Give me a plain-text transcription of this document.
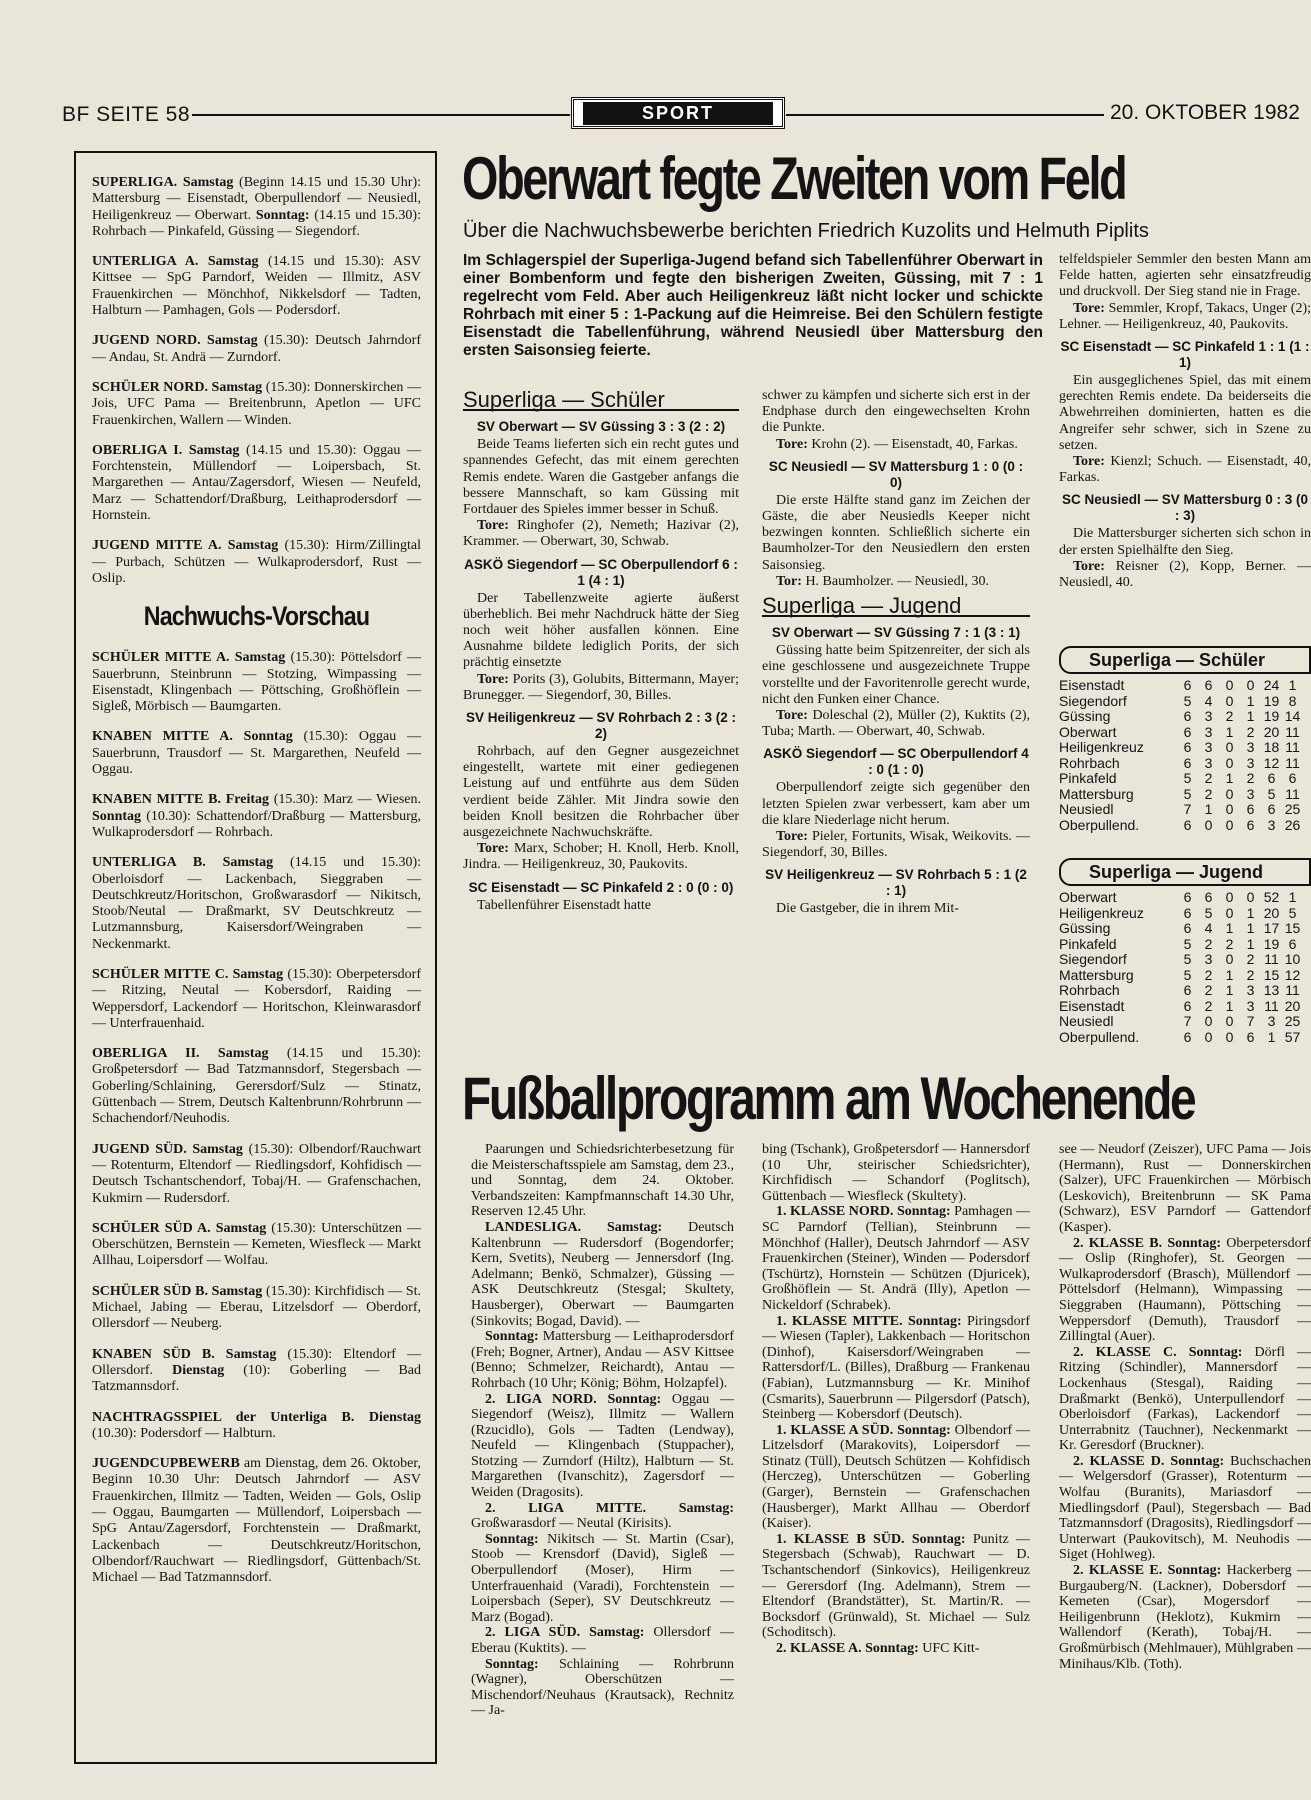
BF SEITE 58	SPORT	20. OKTOBER 1982

SUPERLIGA. Samstag (Beginn 14.15 und 15.30 Uhr): Mattersburg — Eisenstadt, Oberpullendorf — Neusiedl, Heiligenkreuz — Oberwart. Sonntag: (14.15 und 15.30): Rohrbach — Pinkafeld, Güssing — Siegendorf.

UNTERLIGA A. Samstag (14.15 und 15.30): ASV Kittsee — SpG Parndorf, Weiden — Illmitz, ASV Frauenkirchen — Mönchhof, Nikkelsdorf — Tadten, Halbturn — Pamhagen, Gols — Podersdorf.

JUGEND NORD. Samstag (15.30): Deutsch Jahrndorf — Andau, St. Andrä — Zurndorf.

SCHÜLER NORD. Samstag (15.30): Donnerskirchen — Jois, UFC Pama — Breitenbrunn, Apetlon — UFC Frauenkirchen, Wallern — Winden.

OBERLIGA I. Samstag (14.15 und 15.30): Oggau — Forchtenstein, Müllendorf — Loipersbach, St. Margarethen — Antau/Zagersdorf, Wiesen — Neufeld, Marz — Schattendorf/Draßburg, Leithaprodersdorf — Hornstein.

JUGEND MITTE A. Samstag (15.30): Hirm/Zillingtal — Purbach, Schützen — Wulkaprodersdorf, Rust — Oslip.

Nachwuchs-Vorschau

SCHÜLER MITTE A. Samstag (15.30): Pöttelsdorf — Sauerbrunn, Steinbrunn — Stotzing, Wimpassing — Eisenstadt, Klingenbach — Pöttsching, Großhöflein — Sigleß, Mörbisch — Baumgarten.

KNABEN MITTE A. Sonntag (15.30): Oggau — Sauerbrunn, Trausdorf — St. Margarethen, Neufeld — Oggau.

KNABEN MITTE B. Freitag (15.30): Marz — Wiesen. Sonntag (10.30): Schattendorf/Draßburg — Mattersburg, Wulkaprodersdorf — Rohrbach.

UNTERLIGA B. Samstag (14.15 und 15.30): Oberloisdorf — Lackenbach, Sieggraben — Deutschkreutz/Horitschon, Großwarasdorf — Nikitsch, Stoob/Neutal — Draßmarkt, SV Deutschkreutz — Lutzmannsburg, Kaisersdorf/Weingraben — Neckenmarkt.

SCHÜLER MITTE C. Samstag (15.30): Oberpetersdorf — Ritzing, Neutal — Kobersdorf, Raiding — Weppersdorf, Lackendorf — Horitschon, Kleinwarasdorf — Unterfrauenhaid.

OBERLIGA II. Samstag (14.15 und 15.30): Großpetersdorf — Bad Tatzmannsdorf, Stegersbach — Goberling/Schlaining, Gerersdorf/Sulz — Stinatz, Güttenbach — Strem, Deutsch Kaltenbrunn/Rohrbrunn — Schachendorf/Neuhodis.

JUGEND SÜD. Samstag (15.30): Olbendorf/Rauchwart — Rotenturm, Eltendorf — Riedlingsdorf, Kohfidisch — Deutsch Tschantschendorf, Tobaj/H. — Grafenschachen, Kukmirn — Rudersdorf.

SCHÜLER SÜD A. Samstag (15.30): Unterschützen — Oberschützen, Bernstein — Kemeten, Wiesfleck — Markt Allhau, Loipersdorf — Wolfau.

SCHÜLER SÜD B. Samstag (15.30): Kirchfidisch — St. Michael, Jabing — Eberau, Litzelsdorf — Oberdorf, Ollersdorf — Neuberg.

KNABEN SÜD B. Samstag (15.30): Eltendorf — Ollersdorf. Dienstag (10): Goberling — Bad Tatzmannsdorf.

NACHTRAGSSPIEL der Unterliga B. Dienstag (10.30): Podersdorf — Halbturn.

JUGENDCUPBEWERB am Dienstag, dem 26. Oktober, Beginn 10.30 Uhr: Deutsch Jahrndorf — ASV Frauenkirchen, Illmitz — Tadten, Weiden — Gols, Oslip — Oggau, Baumgarten — Müllendorf, Loipersbach — SpG Antau/Zagersdorf, Forchtenstein — Draßmarkt, Lackenbach — Deutschkreutz/Horitschon, Olbendorf/Rauchwart — Riedlingsdorf, Güttenbach/St. Michael — Bad Tatzmannsdorf.

Oberwart fegte Zweiten vom Feld
Über die Nachwuchsbewerbe berichten Friedrich Kuzolits und Helmuth Piplits
Im Schlagerspiel der Superliga-Jugend befand sich Tabellenführer Oberwart in einer Bombenform und fegte den bisherigen Zweiten, Güssing, mit 7 : 1 regelrecht vom Feld. Aber auch Heiligenkreuz läßt nicht locker und schickte Rohrbach mit einer 5 : 1-Packung auf die Heimreise. Bei den Schülern festigte Eisenstadt die Tabellenführung, während Neusiedl über Mattersburg den ersten Saisonsieg feierte.
Superliga — Schüler
SV Oberwart — SV Güssing 3 : 3 (2 : 2)

Beide Teams lieferten sich ein recht gutes und spannendes Gefecht, das mit einem gerechten Remis endete. Waren die Gastgeber anfangs die bessere Mannschaft, so kam Güssing mit Fortdauer des Spieles immer besser in Schuß.

Tore: Ringhofer (2), Nemeth; Hazivar (2), Krammer. — Oberwart, 30, Schwab.

ASKÖ Siegendorf — SC Oberpullendorf 6 : 1 (4 : 1)

Der Tabellenzweite agierte äußerst überheblich. Bei mehr Nachdruck hätte der Sieg noch weit höher ausfallen können. Eine Ausnahme bildete lediglich Porits, der sich prächtig einsetzte

Tore: Porits (3), Golubits, Bittermann, Mayer; Brunegger. — Siegendorf, 30, Billes.

SV Heiligenkreuz — SV Rohrbach 2 : 3 (2 : 2)

Rohrbach, auf den Gegner ausgezeichnet eingestellt, wartete mit einer gediegenen Leistung auf und entführte aus dem Süden verdient beide Zähler. Mit Jindra sowie den beiden Knoll besitzen die Rohrbacher über ausgezeichnete Nachwuchskräfte.

Tore: Marx, Schober; H. Knoll, Herb. Knoll, Jindra. — Heiligenkreuz, 30, Paukovits.

SC Eisenstadt — SC Pinkafeld 2 : 0 (0 : 0)

Tabellenführer Eisenstadt hatte

schwer zu kämpfen und sicherte sich erst in der Endphase durch den eingewechselten Krohn die Punkte.

Tore: Krohn (2). — Eisenstadt, 40, Farkas.

SC Neusiedl — SV Mattersburg 1 : 0 (0 : 0)

Die erste Hälfte stand ganz im Zeichen der Gäste, die aber Neusiedls Keeper nicht bezwingen konnten. Schließlich sicherte ein Baumholzer-Tor den Neusiedlern den ersten Saisonsieg.

Tor: H. Baumholzer. — Neusiedl, 30.

Superliga — Jugend
SV Oberwart — SV Güssing 7 : 1 (3 : 1)

Güssing hatte beim Spitzenreiter, der sich als eine geschlossene und ausgezeichnete Truppe vorstellte und der Favoritenrolle gerecht wurde, nicht den Funken einer Chance.

Tore: Doleschal (2), Müller (2), Kuktits (2), Tuba; Marth. — Oberwart, 40, Schwab.

ASKÖ Siegendorf — SC Oberpullendorf 4 : 0 (1 : 0)

Oberpullendorf zeigte sich gegenüber den letzten Spielen zwar verbessert, kam aber um die klare Niederlage nicht herum.

Tore: Pieler, Fortunits, Wisak, Weikovits. — Siegendorf, 30, Billes.

SV Heiligenkreuz — SV Rohrbach 5 : 1 (2 : 1)

Die Gastgeber, die in ihrem Mit-

telfeldspieler Semmler den besten Mann am Felde hatten, agierten sehr einsatzfreudig und druckvoll. Der Sieg stand nie in Frage.

Tore: Semmler, Kropf, Takacs, Unger (2); Lehner. — Heiligenkreuz, 40, Paukovits.

SC Eisenstadt — SC Pinkafeld 1 : 1 (1 : 1)

Ein ausgeglichenes Spiel, das mit einem gerechten Remis endete. Da beiderseits die Abwehrreihen dominierten, hatten es die Angreifer sehr schwer, sich in Szene zu setzen.

Tore: Kienzl; Schuch. — Eisenstadt, 40, Farkas.

SC Neusiedl — SV Mattersburg 0 : 3 (0 : 3)

Die Mattersburger sicherten sich schon in der ersten Spielhälfte den Sieg.

Tore: Reisner (2), Kopp, Berner. — Neusiedl, 40.

Superliga — Schüler
Eisenstadt	6 6 0 0 24 1
Siegendorf	5 4 0 1 19 8
Güssing	6 3 2 1 19 14
Oberwart	6 3 1 2 20 11
Heiligenkreuz	6 3 0 3 18 11
Rohrbach	6 3 0 3 12 11
Pinkafeld	5 2 1 2 6 6
Mattersburg	5 2 0 3 5 11
Neusiedl	7 1 0 6 6 25
Oberpullend.	6 0 0 6 3 26
Superliga — Jugend
Oberwart	6 6 0 0 52 1
Heiligenkreuz	6 5 0 1 20 5
Güssing	6 4 1 1 17 15
Pinkafeld	5 2 2 1 19 6
Siegendorf	5 3 0 2 11 10
Mattersburg	5 2 1 2 15 12
Rohrbach	6 2 1 3 13 11
Eisenstadt	6 2 1 3 11 20
Neusiedl	7 0 0 7 3 25
Oberpullend.	6 0 0 6 1 57
Fußballprogramm am Wochenende

Paarungen und Schiedsrichterbesetzung für die Meisterschaftsspiele am Samstag, dem 23., und Sonntag, dem 24. Oktober. Verbandszeiten: Kampfmannschaft 14.30 Uhr, Reserven 12.45 Uhr.

LANDESLIGA. Samstag: Deutsch Kaltenbrunn — Rudersdorf (Bogendorfer; Kern, Svetits), Neuberg — Jennersdorf (Ing. Adelmann; Benkö, Schmalzer), Güssing — ASK Deutschkreutz (Stesgal; Skultety, Hausberger), Oberwart — Baumgarten (Sinkovits; Bogad, David). —

Sonntag: Mattersburg — Leithaprodersdorf (Freh; Bogner, Artner), Andau — ASV Kittsee (Benno; Schmelzer, Reichardt), Antau — Rohrbach (10 Uhr; König; Böhm, Holzapfel).

2. LIGA NORD. Sonntag: Oggau — Siegendorf (Weisz), Illmitz — Wallern (Rzucidlo), Gols — Tadten (Lendway), Neufeld — Klingenbach (Stuppacher), Stotzing — Zurndorf (Hiltz), Halbturn — St. Margarethen (Ivanschitz), Zagersdorf — Weiden (Dragosits).

2. LIGA MITTE. Samstag: Großwarasdorf — Neutal (Kirisits).

Sonntag: Nikitsch — St. Martin (Csar), Stoob — Krensdorf (David), Sigleß — Oberpullendorf (Moser), Hirm — Unterfrauenhaid (Varadi), Forchtenstein — Loipersbach (Seper), SV Deutschkreutz — Marz (Bogad).

2. LIGA SÜD. Samstag: Ollersdorf — Eberau (Kuktits). —

Sonntag: Schlaining — Rohrbrunn (Wagner), Oberschützen — Mischendorf/Neuhaus (Krautsack), Rechnitz — Ja-

bing (Tschank), Großpetersdorf — Hannersdorf (10 Uhr, steirischer Schiedsrichter), Kirchfidisch — Schandorf (Poglitsch), Güttenbach — Wiesfleck (Skultety).

1. KLASSE NORD. Sonntag: Pamhagen — SC Parndorf (Tellian), Steinbrunn — Mönchhof (Haller), Deutsch Jahrndorf — ASV Frauenkirchen (Steiner), Winden — Podersdorf (Tschürtz), Hornstein — Schützen (Djuricek), Großhöflein — St. Andrä (Illy), Apetlon — Nickeldorf (Schrabek).

1. KLASSE MITTE. Sonntag: Piringsdorf — Wiesen (Tapler), Lakkenbach — Horitschon (Dinhof), Kaisersdorf/Weingraben — Rattersdorf/L. (Billes), Draßburg — Frankenau (Fabian), Lutzmannsburg — Kr. Minihof (Csmarits), Sauerbrunn — Pilgersdorf (Patsch), Steinberg — Kobersdorf (Deutsch).

1. KLASSE A SÜD. Sonntag: Olbendorf — Litzelsdorf (Marakovits), Loipersdorf — Stinatz (Tüll), Deutsch Schützen — Kohfidisch (Herczeg), Unterschützen — Goberling (Garger), Bernstein — Grafenschachen (Hausberger), Markt Allhau — Oberdorf (Kaiser).

1. KLASSE B SÜD. Sonntag: Punitz — Stegersbach (Schwab), Rauchwart — D. Tschantschendorf (Sinkovics), Heiligenkreuz — Gerersdorf (Ing. Adelmann), Strem — Eltendorf (Brandstätter), St. Martin/R. — Bocksdorf (Grünwald), St. Michael — Sulz (Schoditsch).

2. KLASSE A. Sonntag: UFC Kitt-

see — Neudorf (Zeiszer), UFC Pama — Jois (Hermann), Rust — Donnerskirchen (Salzer), UFC Frauenkirchen — Mörbisch (Leskovich), Breitenbrunn — SK Pama (Schwarz), ESV Parndorf — Gattendorf (Kasper).

2. KLASSE B. Sonntag: Oberpetersdorf — Oslip (Ringhofer), St. Georgen — Wulkaprodersdorf (Brasch), Müllendorf — Pöttelsdorf (Helmann), Wimpassing — Sieggraben (Haumann), Pöttsching — Weppersdorf (Demuth), Trausdorf — Zillingtal (Auer).

2. KLASSE C. Sonntag: Dörfl — Ritzing (Schindler), Mannersdorf — Lockenhaus (Stesgal), Raiding — Draßmarkt (Benkö), Unterpullendorf — Oberloisdorf (Farkas), Lackendorf — Unterrabnitz (Tauchner), Neckenmarkt — Kr. Geresdorf (Bruckner).

2. KLASSE D. Sonntag: Buchschachen — Welgersdorf (Grasser), Rotenturm — Wolfau (Buranits), Mariasdorf — Miedlingsdorf (Paul), Stegersbach — Bad Tatzmannsdorf (Dragosits), Riedlingsdorf — Unterwart (Paukovitsch), M. Neuhodis — Siget (Hohlweg).

2. KLASSE E. Sonntag: Hackerberg — Burgauberg/N. (Lackner), Dobersdorf — Kemeten (Csar), Mogersdorf — Heiligenbrunn (Heklotz), Kukmirn — Wallendorf (Kerath), Tobaj/H. — Großmürbisch (Mehlmauer), Mühlgraben — Minihaus/Klb. (Toth).
